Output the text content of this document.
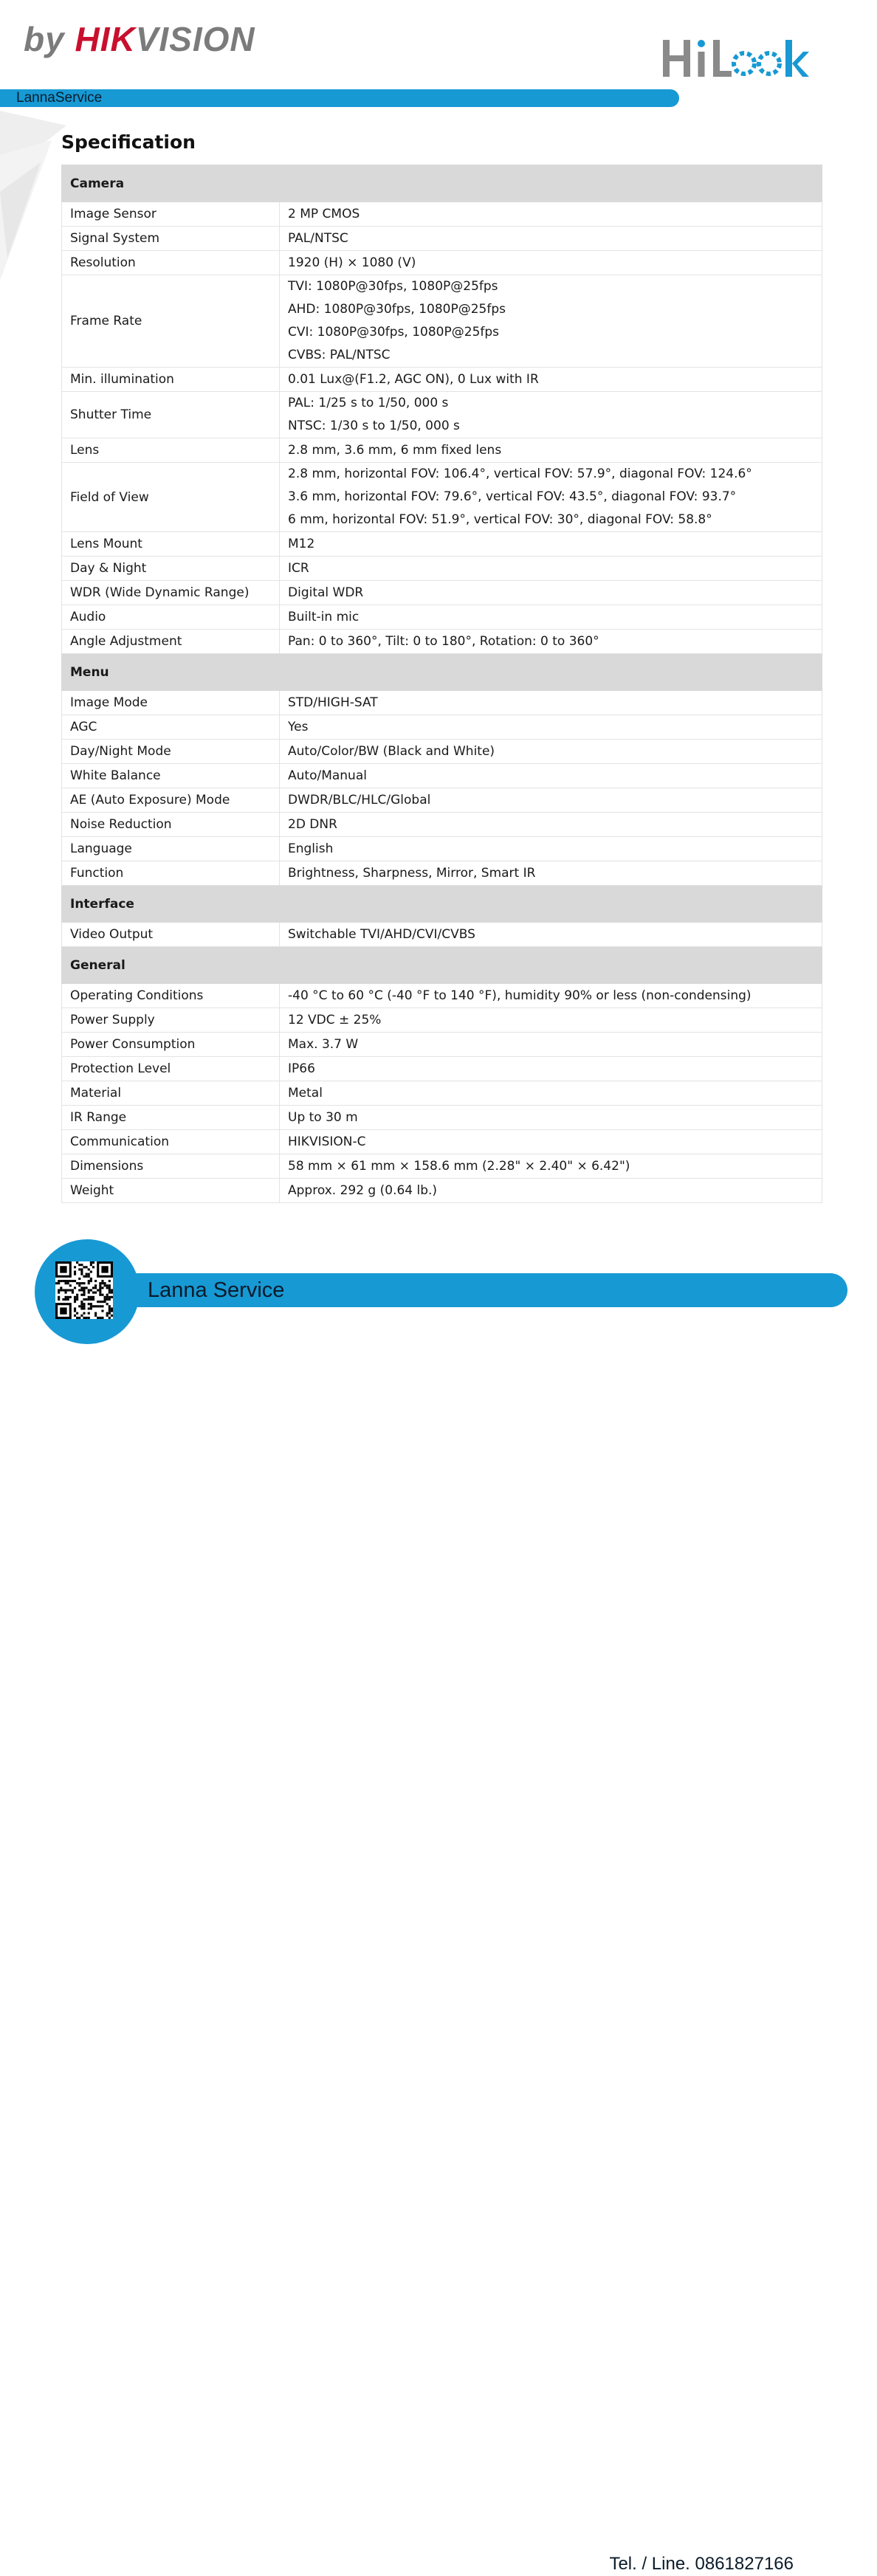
by HIKVISION
LannaService
Specification
Camera	
Image Sensor	2 MP CMOS

Signal System	PAL/NTSC

Resolution	1920 (H) × 1080 (V)

Frame Rate	TVI: 1080P@30fps, 1080P@25fps
AHD: 1080P@30fps, 1080P@25fps
CVI: 1080P@30fps, 1080P@25fps
CVBS: PAL/NTSC

Min. illumination	0.01 Lux@(F1.2, AGC ON), 0 Lux with IR

Shutter Time	PAL: 1/25 s to 1/50, 000 s
NTSC: 1/30 s to 1/50, 000 s

Lens	2.8 mm, 3.6 mm, 6 mm fixed lens

Field of View	2.8 mm, horizontal FOV: 106.4°, vertical FOV: 57.9°, diagonal FOV: 124.6°
3.6 mm, horizontal FOV: 79.6°, vertical FOV: 43.5°, diagonal FOV: 93.7°
6 mm, horizontal FOV: 51.9°, vertical FOV: 30°, diagonal FOV: 58.8°

Lens Mount	M12

Day & Night	ICR

WDR (Wide Dynamic Range)	Digital WDR

Audio	Built-in mic

Angle Adjustment	Pan: 0 to 360°, Tilt: 0 to 180°, Rotation: 0 to 360°

Menu	
Image Mode	STD/HIGH-SAT

AGC	Yes

Day/Night Mode	Auto/Color/BW (Black and White)

White Balance	Auto/Manual

AE (Auto Exposure) Mode	DWDR/BLC/HLC/Global

Noise Reduction	2D DNR

Language	English

Function	Brightness, Sharpness, Mirror, Smart IR

Interface	
Video Output	Switchable TVI/AHD/CVI/CVBS

General	
Operating Conditions	-40 °C to 60 °C (-40 °F to 140 °F), humidity 90% or less (non-condensing)

Power Supply	12 VDC ± 25%

Power Consumption	Max. 3.7 W

Protection Level	IP66

Material	Metal

IR Range	Up to 30 m

Communication	HIKVISION-C

Dimensions	58 mm × 61 mm × 158.6 mm (2.28" × 2.40" × 6.42")

Weight	Approx. 292 g (0.64 lb.)
Tel. / Line. 0861827166
Lanna Service
